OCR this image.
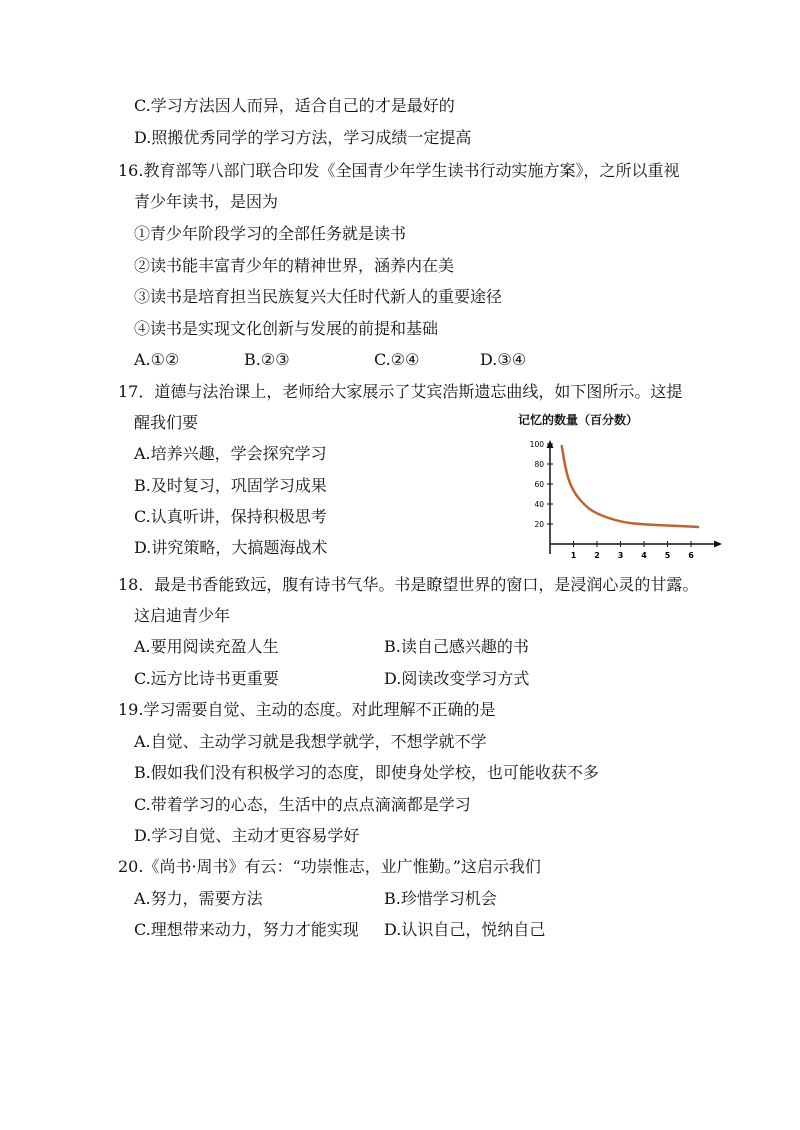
C.学习方法因人而异，适合自己的才是最好的
D.照搬优秀同学的学习方法，学习成绩一定提高
16.教育部等八部门联合印发《全国青少年学生读书行动实施方案》，之所以重视
青少年读书，是因为
①青少年阶段学习的全部任务就是读书
②读书能丰富青少年的精神世界，涵养内在美
③读书是培育担当民族复兴大任时代新人的重要途径
④读书是实现文化创新与发展的前提和基础
A.①②	B.②③	C.②④	D.③④
17．道德与法治课上，老师给大家展示了艾宾浩斯遗忘曲线，如下图所示。这提
醒我们要
A.培养兴趣，学会探究学习
B.及时复习，巩固学习成果
C.认真听讲，保持积极思考
D.讲究策略，大搞题海战术
记忆的数量（百分数）
1 2 3 4 5 6
20
40
60
80
100
18．最是书香能致远，腹有诗书气华。书是瞭望世界的窗口，是浸润心灵的甘露。
这启迪青少年
A.要用阅读充盈人生	B.读自己感兴趣的书
C.远方比诗书更重要	D.阅读改变学习方式
19.学习需要自觉、主动的态度。对此理解不正确的是
A.自觉、主动学习就是我想学就学，不想学就不学
B.假如我们没有积极学习的态度，即使身处学校，也可能收获不多
C.带着学习的心态，生活中的点点滴滴都是学习
D.学习自觉、主动才更容易学好
20.《尚书·周书》有云：“功崇惟志，业广惟勤。”这启示我们
A.努力，需要方法	B.珍惜学习机会
C.理想带来动力，努力才能实现 D.认识自己，悦纳自己
